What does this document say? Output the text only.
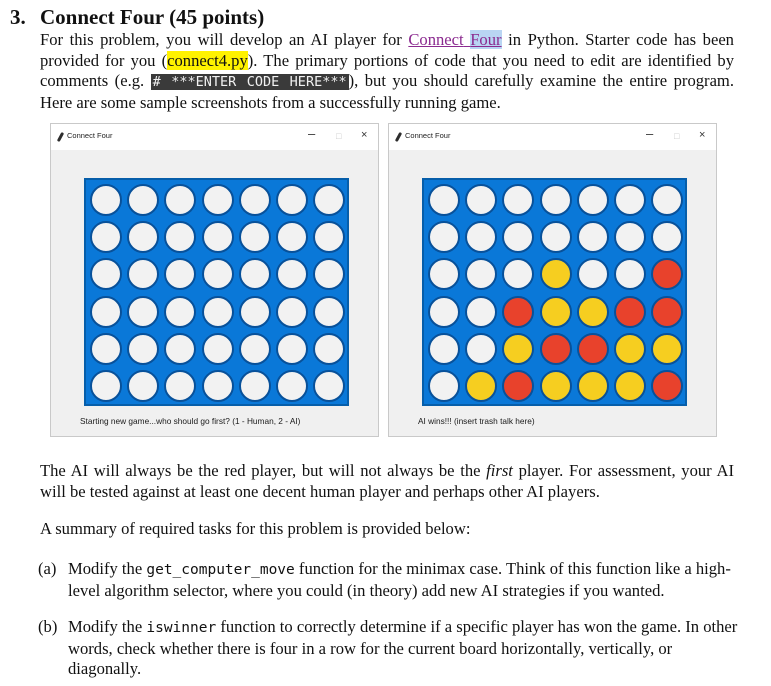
3. Connect Four (45 points)
For this problem, you will develop an AI player for Connect Four in Python. Starter code has been provided for you (connect4.py). The primary portions of code that you need to edit are identified by comments (e.g. # ***ENTER CODE HERE*** ), but you should carefully examine the entire program. Here are some sample screenshots from a successfully running game.
Connect Four	– □ ×
Starting new game...who should go first? (1 - Human, 2 - AI)
Connect Four	– □ ×
AI wins!!! (insert trash talk here)
The AI will always be the red player, but will not always be the first player. For assessment, your AI will be tested against at least one decent human player and perhaps other AI players.
A summary of required tasks for this problem is provided below:
(a) Modify the get_computer_move function for the minimax case. Think of this function like a high-level algorithm selector, where you could (in theory) add new AI strategies if you wanted.
(b) Modify the iswinner function to correctly determine if a specific player has won the game. In other words, check whether there is four in a row for the current board horizontally, vertically, or diagonally.
